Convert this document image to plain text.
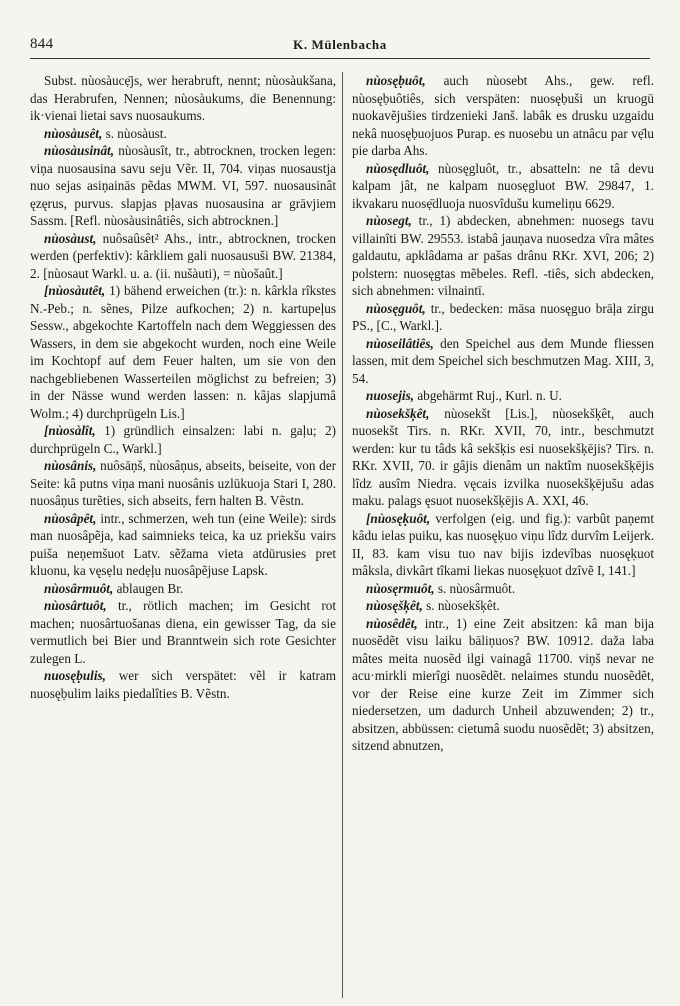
844	K. Mülenbacha

Subst. nùosàucẹ̄js, wer herabruft, nennt; nùosàukšana, das Herabrufen, Nennen; nùosàukums, die Benennung: ik·vienai lietai savs nuosaukums.

nùosàusêt, s. nùosàust.

nùosàusinât, nùosàusît, tr., abtrocknen, trocken legen: viņa nuosausina savu seju Vẽr. II, 704. viņas nuosaustja nuo sejas asiņainās pẽdas MWM. VI, 597. nuosausinât ęzęrus, purvus. slapjas pļavas nuosausina ar grāvjiem Sassm. [Refl. nùosàusinâtiês, sich abtrocknen.]

nùosàust, nuôsaûsêt² Ahs., intr., abtrocknen, trocken werden (perfektiv): kârkliem gali nuosausuši BW. 21384, 2. [nùosaut Warkl. u. a. (ii. nušàuti), = nùošaût.]

[nùosàutêt, 1) bähend erweichen (tr.): n. kârkla rîkstes N.-Peb.; n. sẽnes, Pilze aufkochen; 2) n. kartupeļus Sessw., abgekochte Kartoffeln nach dem Weggiessen des Wassers, in dem sie abgekocht wurden, noch eine Weile im Kochtopf auf dem Feuer halten, um sie von den nachgebliebenen Wasserteilen möglichst zu befreien; 3) in der Nässe wund werden lassen: n. kâjas slapjumâ Wolm.; 4) durchprügeln Lis.]

[nùosàlît, 1) gründlich einsalzen: labi n. gaļu; 2) durchprügeln C., Warkl.]

nùosânis, nuôsāņš, nùosâņus, abseits, beiseite, von der Seite: kâ putns viņa mani nuosânis uzlūkuoja Stari I, 280. nuosâņus turẽties, sich abseits, fern halten B. Vẽstn.

nùosâpêt, intr., schmerzen, weh tun (eine Weile): sirds man nuosâpẽja, kad saimnieks teica, ka uz priekšu vairs puiša neņemšuot Latv. sẽžama vieta atdūrusies pret kluonu, ka vęsẹlu nedẹļu nuosâpẽjuse Lapsk.

nùosârmuôt, ablaugen Br.

nùosârtuôt, tr., rötlich machen; im Gesicht rot machen; nuosârtuošanas diena, ein gewisser Tag, da sie vermutlich bei Bier und Branntwein sich rote Gesichter zulegen L.

nuosęḅulis, wer sich verspätet: vẽl ir katram nuosęḅulim laiks piedalîties B. Vẽstn.

nùosęḅuôt, auch nùosebt Ahs., gew. refl. nùosęḅuôtiês, sich verspäten: nuosęḅuši un kruogū nuokavẽjušies tirdzenieki Janš. labâk es drusku uzgaidu nekâ nuosęḅuojuos Purap. es nuosebu un atnâcu par vẹ̄lu pie darba Ahs.

nùosędluôt, nùosęgluôt, tr., absatteln: ne tâ devu kalpam jât, ne kalpam nuosẹgluot BW. 29847, 1. ikvakaru nuosẹ̄dluoja nuosvîdušu kumeliņu 6629.

nùosegt, tr., 1) abdecken, abnehmen: nuosegs tavu villainîti BW. 29553. istabâ jauņava nuosedza vîra mâtes galdautu, apklâdama ar pašas drânu RKr. XVI, 206; 2) polstern: nuosęgtas mẽbeles. Refl. -tiês, sich abdecken, sich abnehmen: vilnaintī.

nùosęguôt, tr., bedecken: māsa nuosęguo brāļa zirgu PS., [C., Warkl.].

nùoseilâtiês, den Speichel aus dem Munde fliessen lassen, mit dem Speichel sich beschmutzen Mag. XIII, 3, 54.

nuosejis, abgehärmt Ruj., Kurl. n. U.

nùosekšķêt, nùosekšt [Lis.], nùosekšķêt, auch nuosekšt Tirs. n. RKr. XVII, 70, intr., beschmutzt werden: kur tu tâds kâ sekšķis esi nuosekšķējis? Tirs. n. RKr. XVII, 70. ir gâjis dienâm un naktîm nuosekšķējis lîdz ausîm Niedra. vęcais izvilka nuosekšķējušu adas maku. palags ęsuot nuosekšķējis A. XXI, 46.

[nùosęḳuôt, verfolgen (eig. und fig.): varbût paņemt kâdu ielas puiku, kas nuosęḳuo viņu lîdz durvîm Leijerk. II, 83. kam visu tuo nav bijis izdevîbas nuosęḳuot mâksla, divkârt tîkami liekas nuosęḳuot dzîvẽ I, 141.]

nùosęrmuôt, s. nùosârmuôt.

nùosęšķêt, s. nùosekšķêt.

nùosêdêt, intr., 1) eine Zeit absitzen: kâ man bija nuosẽdẽt visu laiku bāliņuos? BW. 10912. daža laba mâtes meita nuosẽd ilgi vainagâ 11700. viņš nevar ne acu·mirkli mierîgi nuosẽdẽt. nelaimes stundu nuosẽdẽt, vor der Reise eine kurze Zeit im Zimmer sich niedersetzen, um dadurch Unheil abzuwenden; 2) tr., absitzen, abbüssen: cietumâ suodu nuosẽdẽt; 3) absitzen, sitzend abnutzen,
